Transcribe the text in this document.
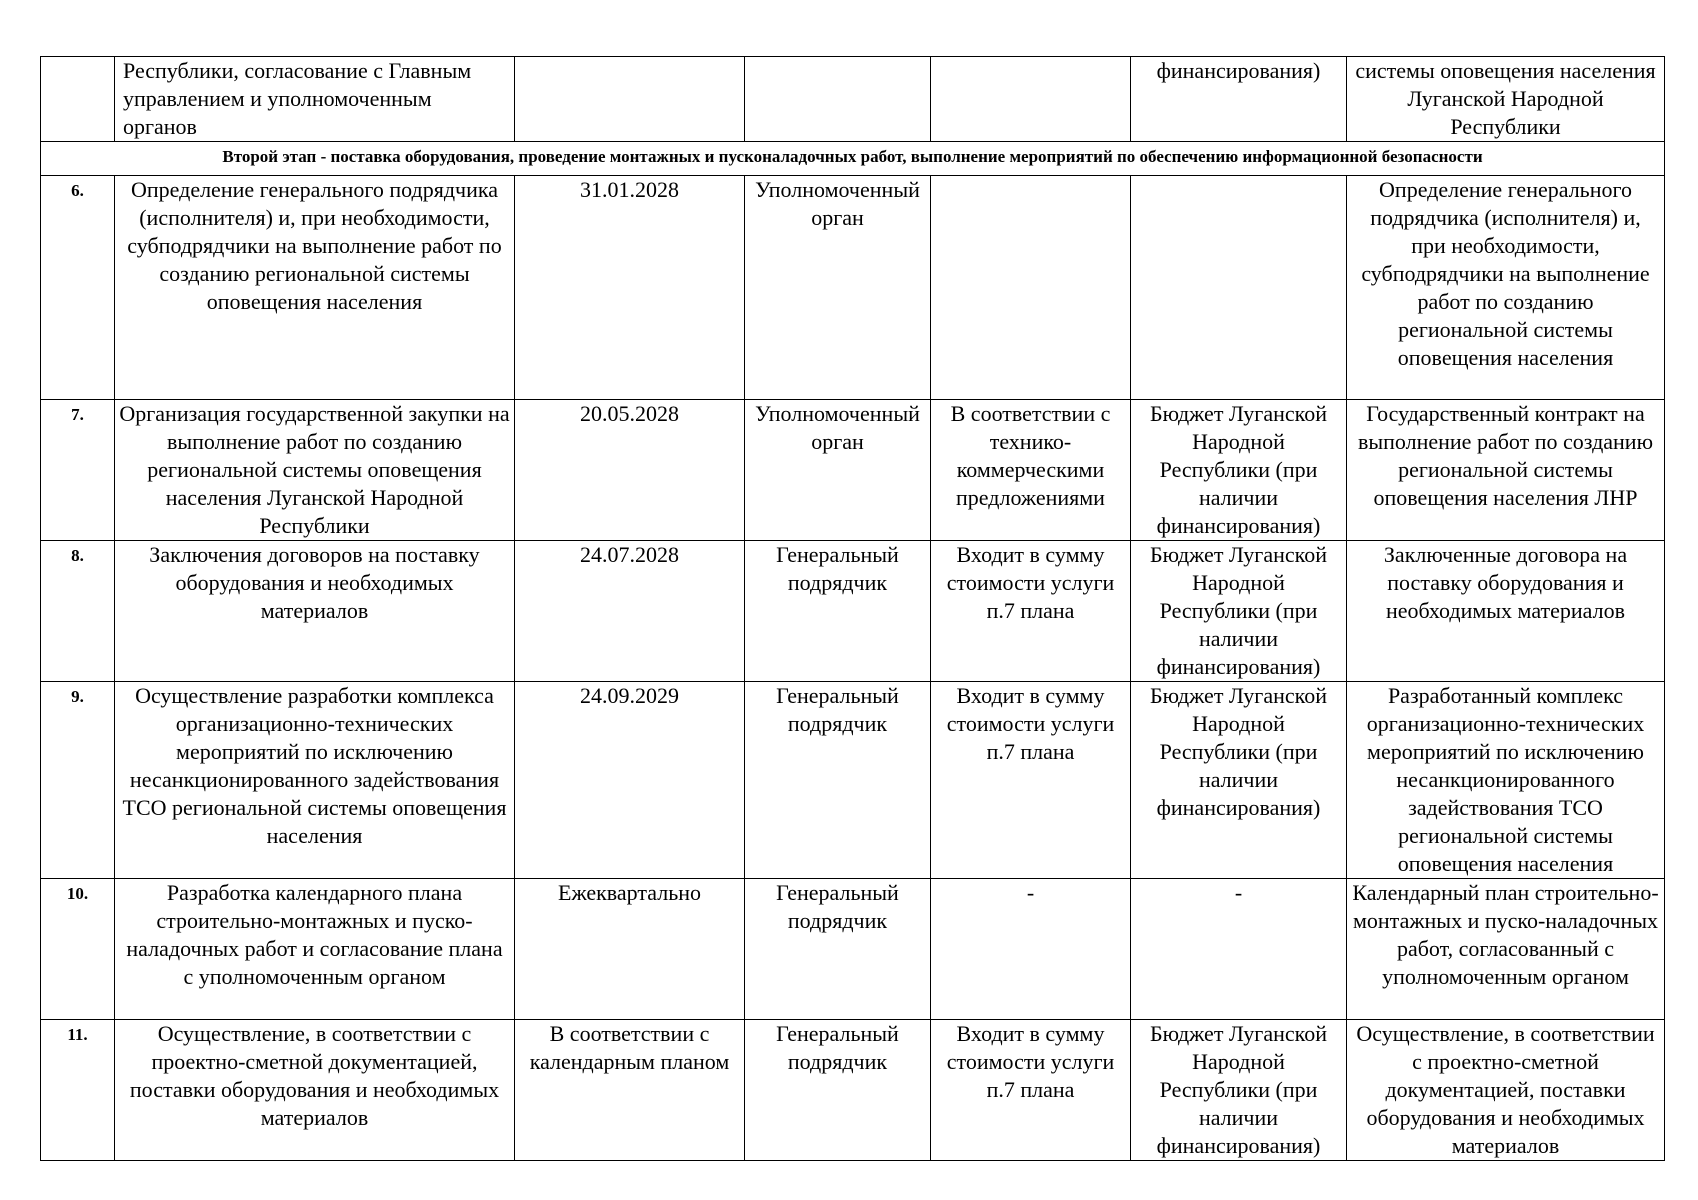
	Республики, согласование с Главным управлением и уполномоченным органов				финансирования)	системы оповещения населения Луганской Народной Республики
Второй этап - поставка оборудования, проведение монтажных и пусконаладочных работ, выполнение мероприятий по обеспечению информационной безопасности						
6.	Определение генерального подрядчика (исполнителя) и, при необходимости, субподрядчики на выполнение работ по созданию региональной системы оповещения населения	31.01.2028	Уполномоченный орган			Определение генерального подрядчика (исполнителя) и, при необходимости, субподрядчики на выполнение работ по созданию региональной системы оповещения населения
7.	Организация государственной закупки на выполнение работ по созданию региональной системы оповещения населения Луганской Народной Республики	20.05.2028	Уполномоченный орган	В соответствии с технико-коммерческими предложениями	Бюджет Луганской Народной Республики (при наличии финансирования)	Государственный контракт на выполнение работ по созданию региональной системы оповещения населения ЛНР
8.	Заключения договоров на поставку оборудования и необходимых материалов	24.07.2028	Генеральный подрядчик	Входит в сумму стоимости услуги п.7 плана	Бюджет Луганской Народной Республики (при наличии финансирования)	Заключенные договора на поставку оборудования и необходимых материалов
9.	Осуществление разработки комплекса организационно-технических мероприятий по исключению несанкционированного задействования ТСО региональной системы оповещения населения	24.09.2029	Генеральный подрядчик	Входит в сумму стоимости услуги п.7 плана	Бюджет Луганской Народной Республики (при наличии финансирования)	Разработанный комплекс организационно-технических мероприятий по исключению несанкционированного задействования ТСО региональной системы оповещения населения
10.	Разработка календарного плана строительно-монтажных и пуско-наладочных работ и согласование плана с уполномоченным органом	Ежеквартально	Генеральный подрядчик	-	-	Календарный план строительно-монтажных и пуско-наладочных работ, согласованный с уполномоченным органом
11.	Осуществление, в соответствии с проектно-сметной документацией, поставки оборудования и необходимых материалов	В соответствии с календарным планом	Генеральный подрядчик	Входит в сумму стоимости услуги п.7 плана	Бюджет Луганской Народной Республики (при наличии финансирования)	Осуществление, в соответствии с проектно-сметной документацией, поставки оборудования и необходимых материалов
